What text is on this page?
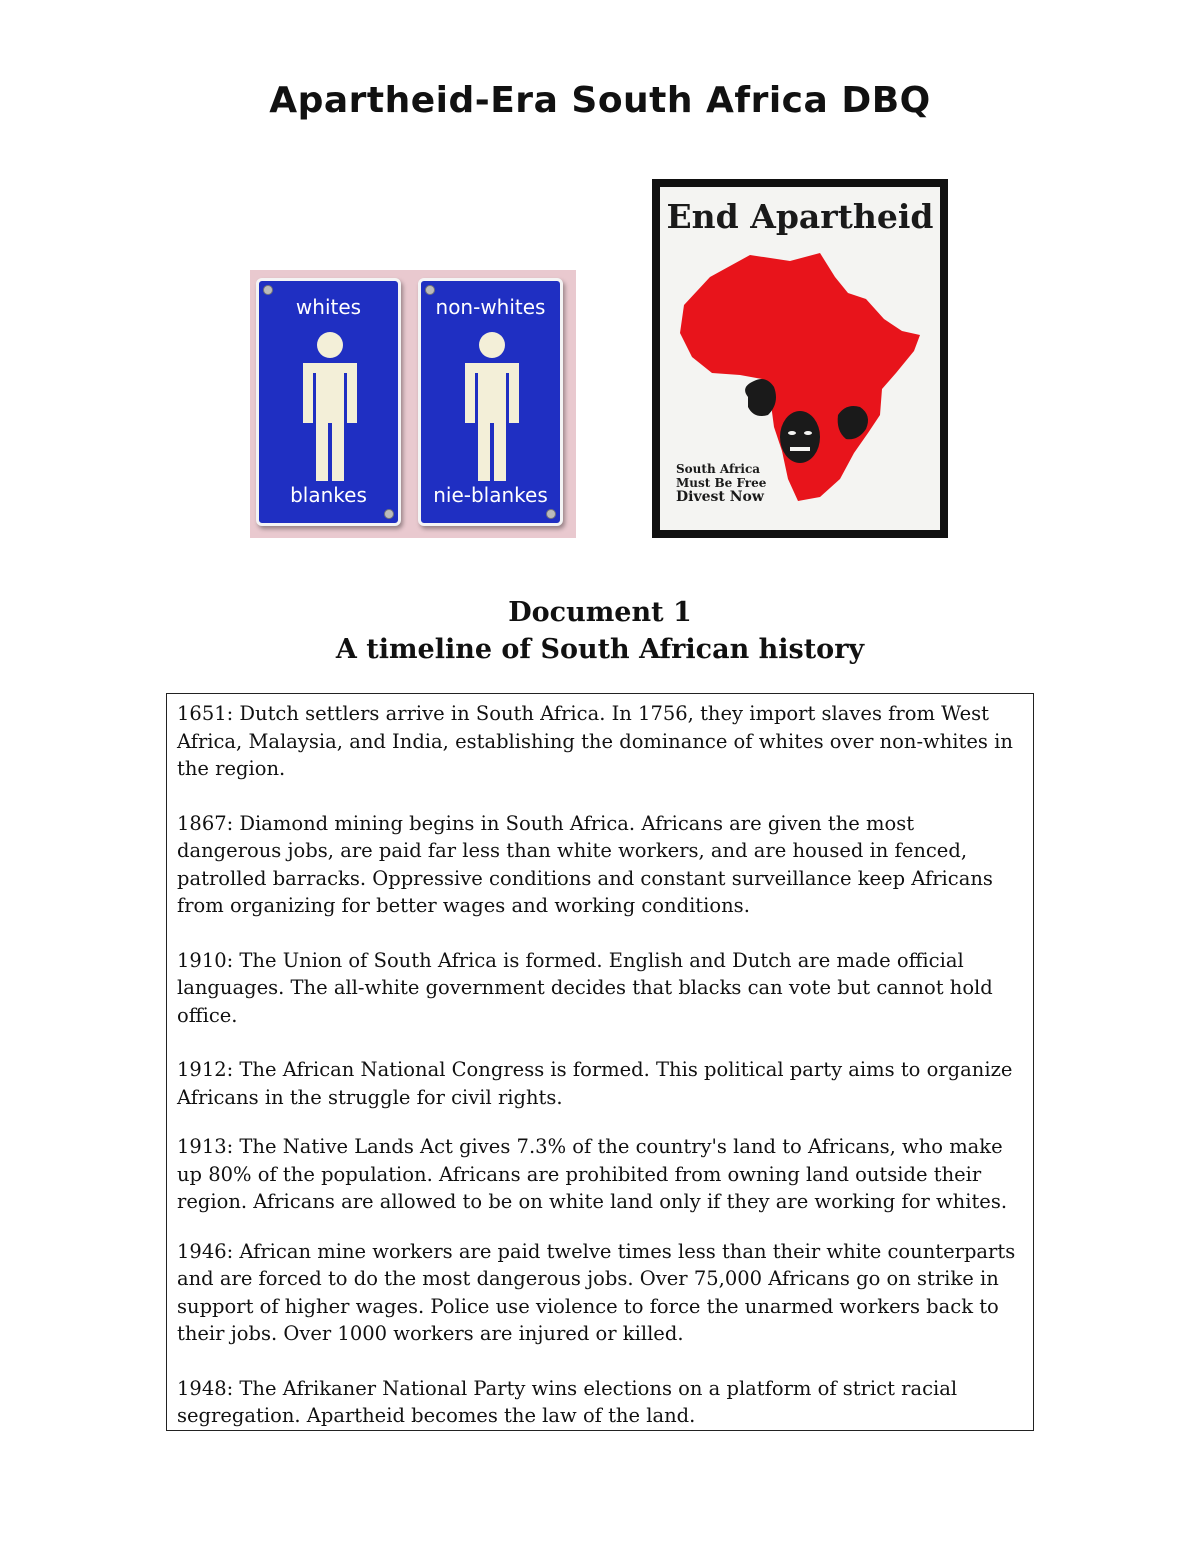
Apartheid-Era South Africa DBQ
whites
blankes
non-whites
nie-blankes
End Apartheid
South Africa
Must Be Free
Divest Now
Document 1
A timeline of South African history

1651: Dutch settlers arrive in South Africa. In 1756, they import slaves from West Africa, Malaysia, and India, establishing the dominance of whites over non-whites in the region.

1867: Diamond mining begins in South Africa. Africans are given the most dangerous jobs, are paid far less than white workers, and are housed in fenced, patrolled barracks. Oppressive conditions and constant surveillance keep Africans from organizing for better wages and working conditions.

1910: The Union of South Africa is formed. English and Dutch are made official languages. The all-white government decides that blacks can vote but cannot hold office.

1912: The African National Congress is formed. This political party aims to organize Africans in the struggle for civil rights.

1913: The Native Lands Act gives 7.3% of the country's land to Africans, who make up 80% of the population. Africans are prohibited from owning land outside their region. Africans are allowed to be on white land only if they are working for whites.

1946: African mine workers are paid twelve times less than their white counterparts and are forced to do the most dangerous jobs. Over 75,000 Africans go on strike in support of higher wages. Police use violence to force the unarmed workers back to their jobs. Over 1000 workers are injured or killed.

1948: The Afrikaner National Party wins elections on a platform of strict racial segregation. Apartheid becomes the law of the land.
